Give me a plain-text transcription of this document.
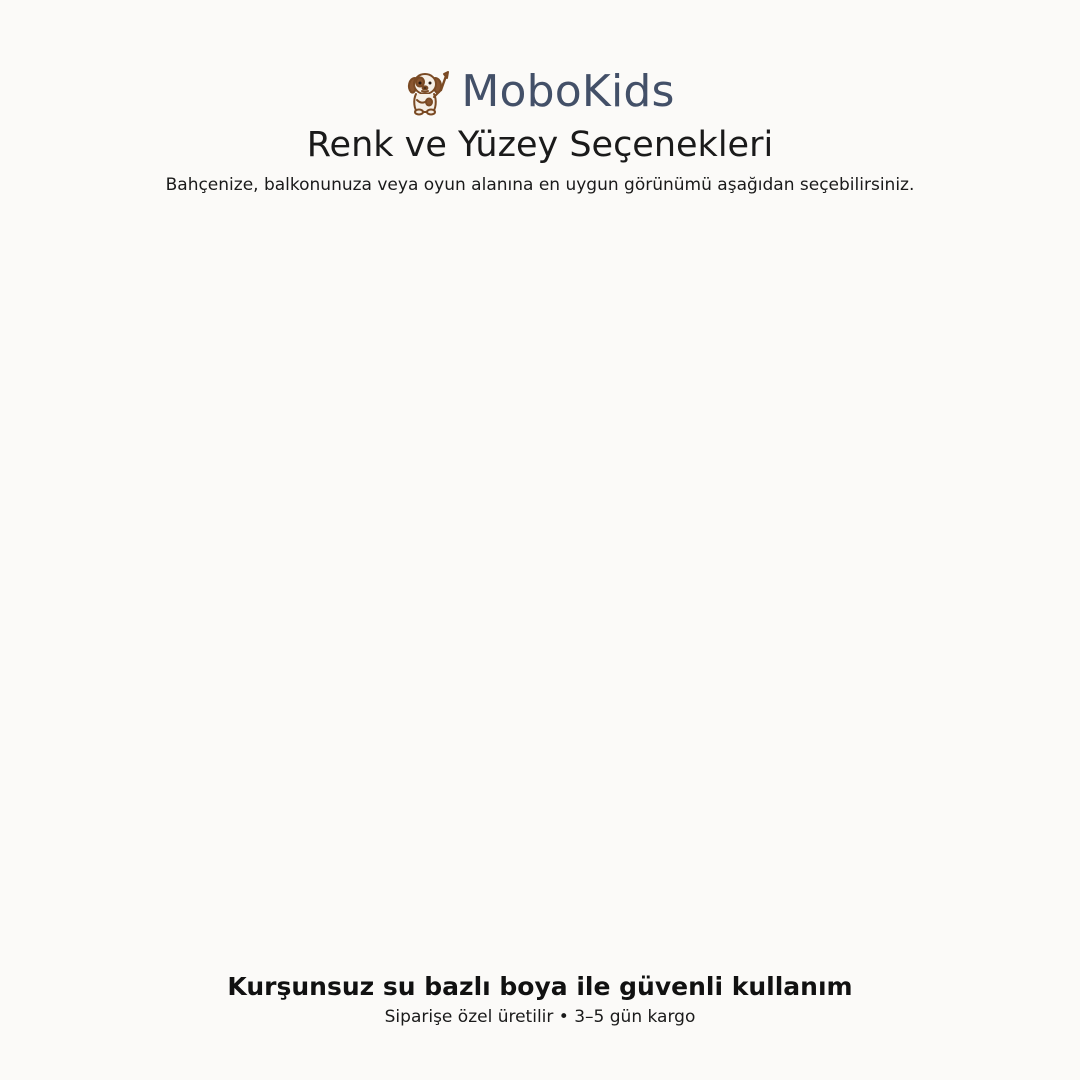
MoboKids
Renk ve Yüzey Seçenekleri

Bahçenize, balkonunuza veya oyun alanına en uygun görünümü aşağıdan seçebilirsiniz.

Kurşunsuz su bazlı boya ile güvenli kullanım

Siparişe özel üretilir • 3–5 gün kargo
